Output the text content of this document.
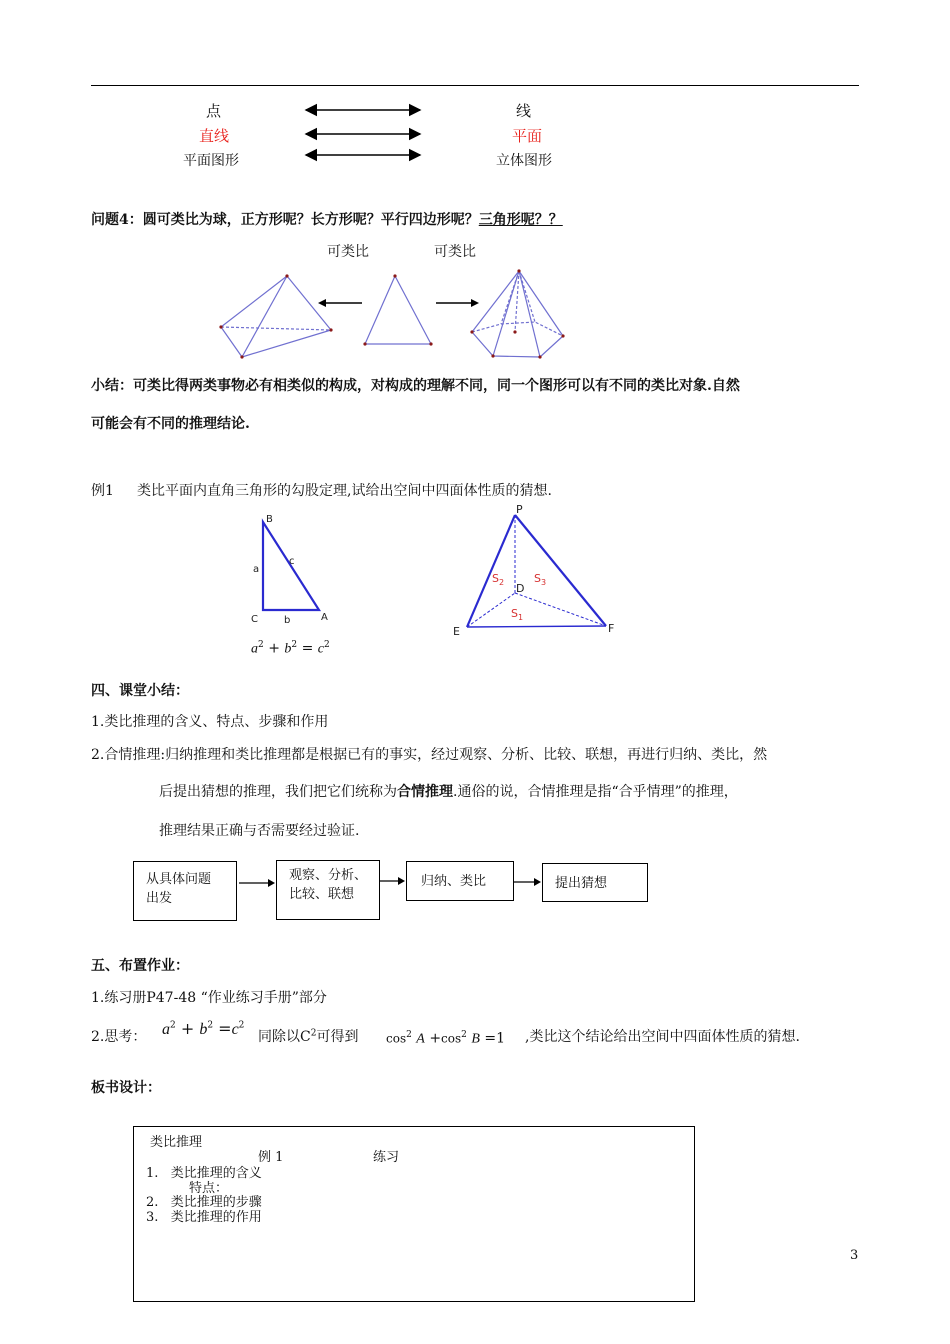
点	线
直线	平面
平面图形	立体图形
问题4：圆可类比为球，正方形呢？长方形呢？平行四边形呢？三角形呢？？
可类比	可类比
小结：可类比得两类事物必有相类似的构成，对构成的理解不同，同一个图形可以有不同的类比对象.自然
可能会有不同的推理结论.
例1 类比平面内直角三角形的勾股定理,试给出空间中四面体性质的猜想.
B
C	A
a
b
c
$a^2 + b^2 = c^2$
P
D
E	F
$S_2$	$S_3$
$S_1$
四、课堂小结：
1.类比推理的含义、特点、步骤和作用
2.合情推理:归纳推理和类比推理都是根据已有的事实，经过观察、分析、比较、联想，再进行归纳、类比，然
后提出猜想的推理，我们把它们统称为合情推理.通俗的说，合情推理是指“合乎情理”的推理，
推理结果正确与否需要经过验证.
从具体问题
出发
观察、分析、
比较、联想
归纳、类比	提出猜想
五、布置作业：
1.练习册P47-48 “作业练习手册”部分
2.思考： $a^2 + b^2 =c^2$
同除以$C^2$可得到 $\cos^2 A +\cos^2$ B =1 ,类比这个结论给出空间中四面体性质的猜想.
板书设计：
类比推理
例 1	练习
1.   类比推理的含义
特点：
2.   类比推理的步骤
3.   类比推理的作用
3
